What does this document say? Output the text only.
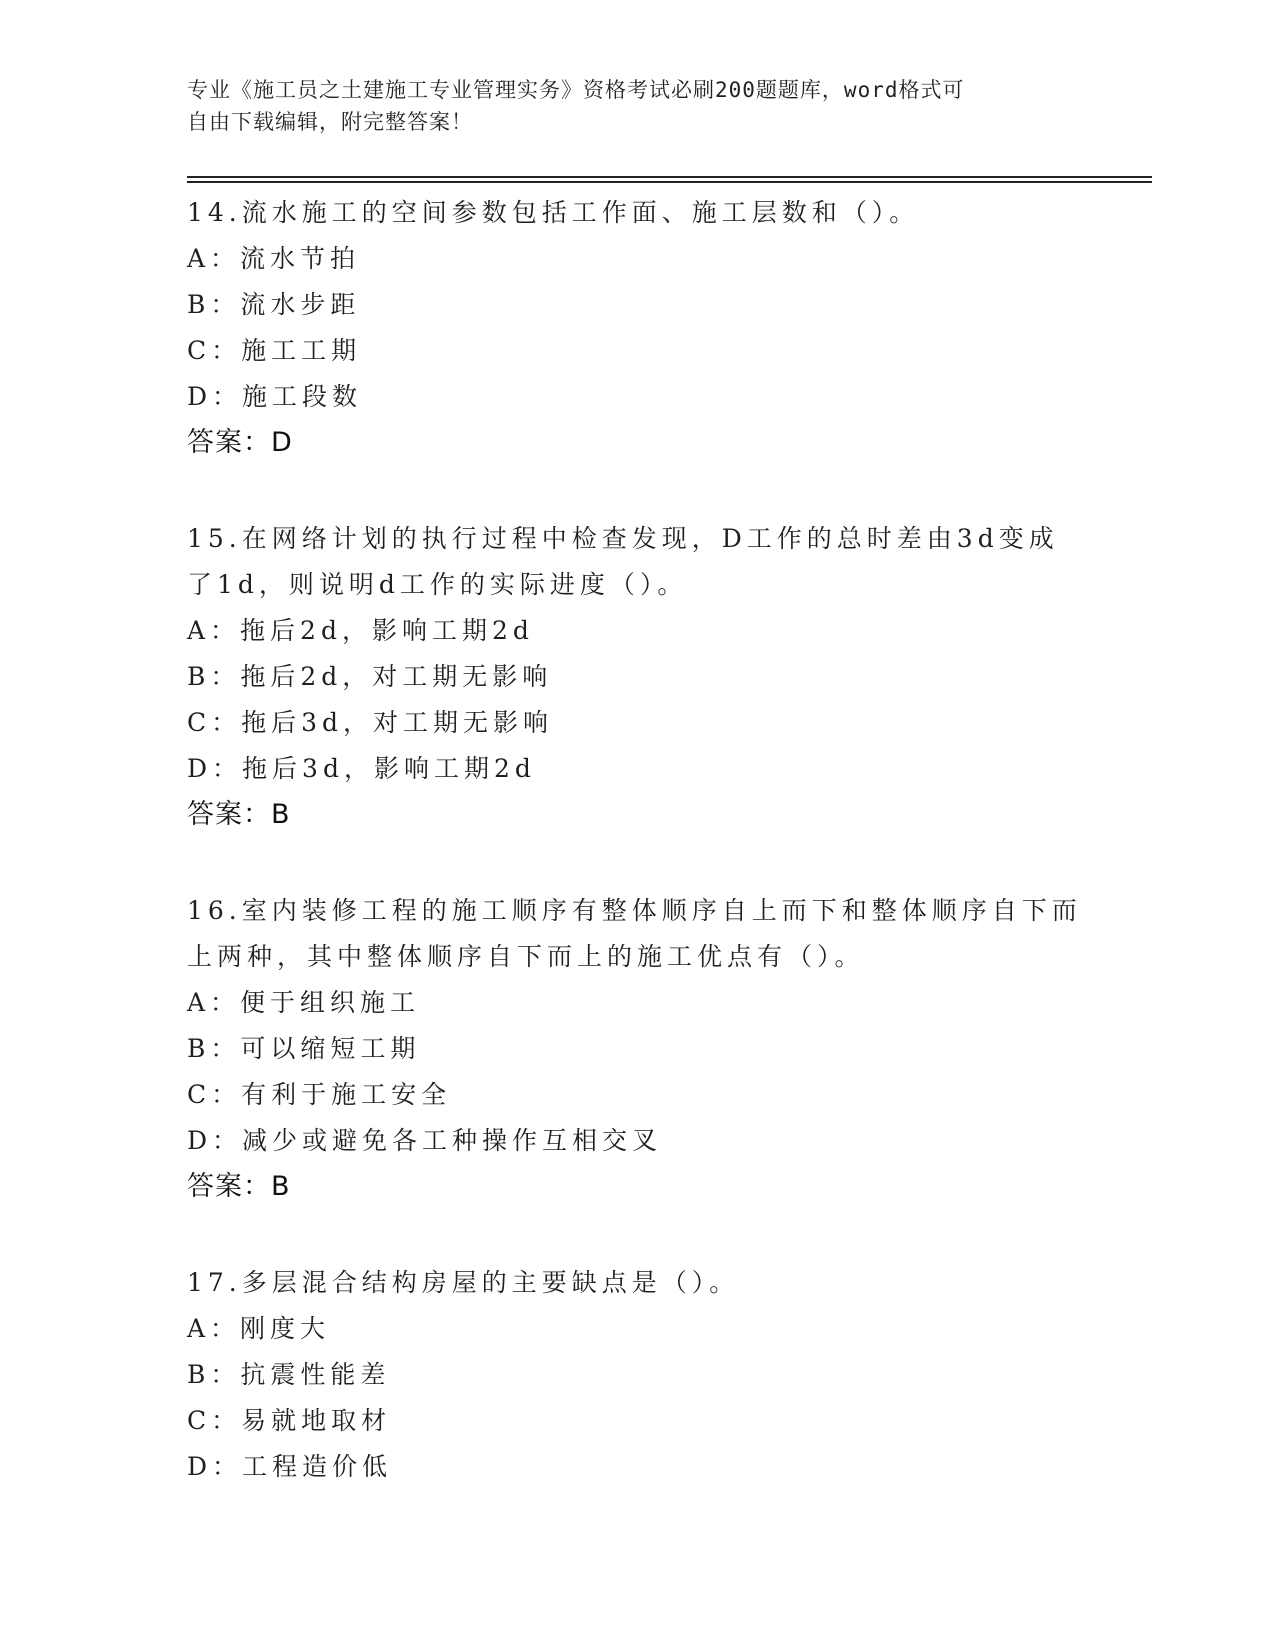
专业《施工员之土建施工专业管理实务》资格考试必刷200题题库，word格式可
自由下载编辑，附完整答案！

14.流水施工的空间参数包括工作面、施工层数和（）。

A：流水节拍

B：流水步距

C：施工工期

D：施工段数

答案：D

15.在网络计划的执行过程中检查发现，D工作的总时差由3d变成了1d，则说明d工作的实际进度（）。

A：拖后2d，影响工期2d

B：拖后2d，对工期无影响

C：拖后3d，对工期无影响

D：拖后3d，影响工期2d

答案：B

16.室内装修工程的施工顺序有整体顺序自上而下和整体顺序自下而上两种，其中整体顺序自下而上的施工优点有（）。

A：便于组织施工

B：可以缩短工期

C：有利于施工安全

D：减少或避免各工种操作互相交叉

答案：B

17.多层混合结构房屋的主要缺点是（）。

A：刚度大

B：抗震性能差

C：易就地取材

D：工程造价低
